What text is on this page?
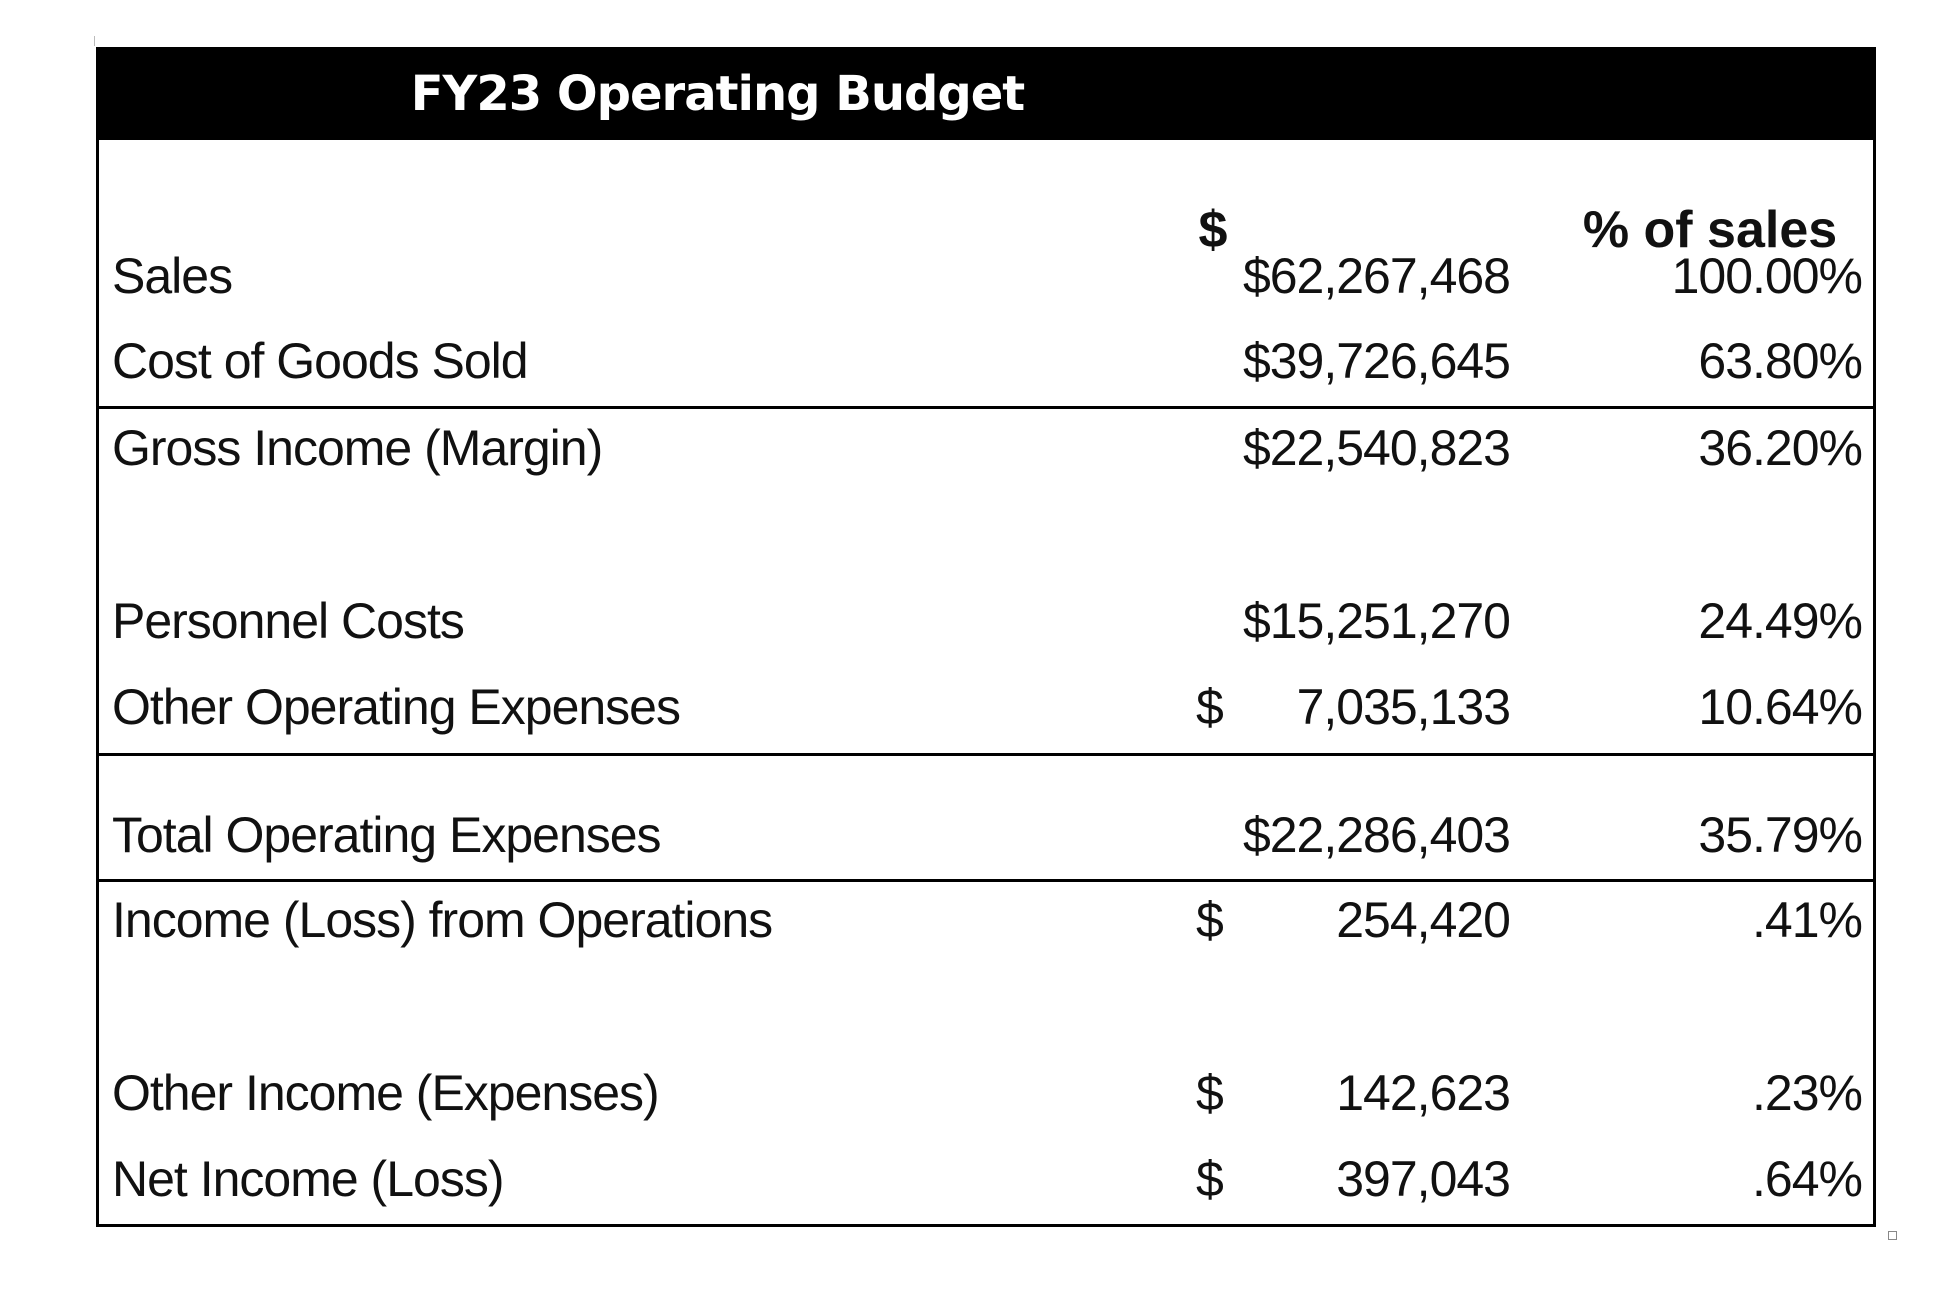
FY23 Operating Budget
$	% of sales
Sales	$62,267,468	100.00%
Cost of Goods Sold	$39,726,645	63.80%
Gross Income (Margin)	$22,540,823	36.20%
Personnel Costs	$15,251,270	24.49%
Other Operating Expenses	$ 7,035,133	10.64%
Total Operating Expenses	$22,286,403	35.79%
Income (Loss) from Operations	$ 254,420	.41%
Other Income (Expenses)	$ 142,623	.23%
Net Income (Loss)	$ 397,043	.64%
